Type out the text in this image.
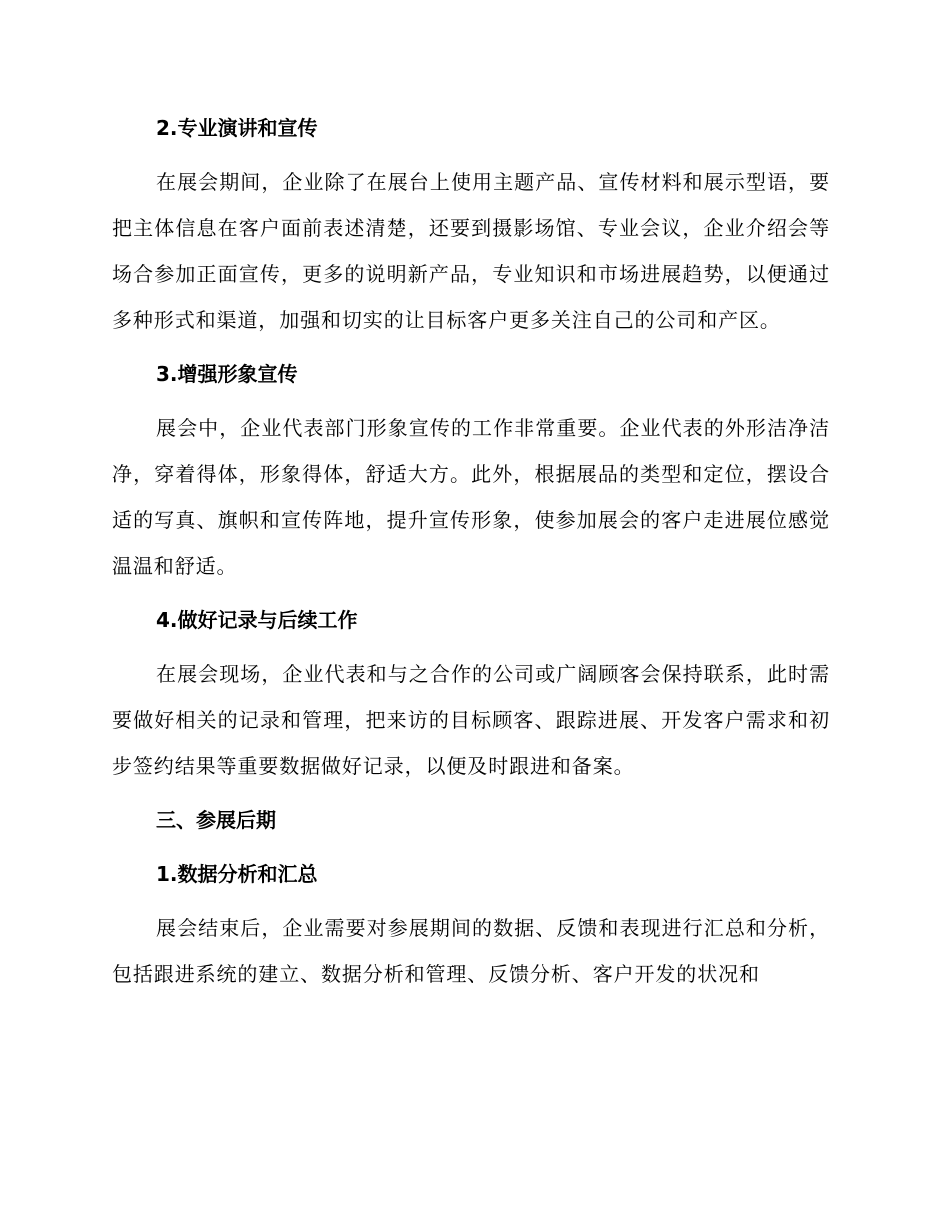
2.专业演讲和宣传

在展会期间，企业除了在展台上使用主题产品、宣传材料和展示型语，要把主体信息在客户面前表述清楚，还要到摄影场馆、专业会议，企业介绍会等场合参加正面宣传，更多的说明新产品，专业知识和市场进展趋势，以便通过多种形式和渠道，加强和切实的让目标客户更多关注自己的公司和产区。

3.增强形象宣传

展会中，企业代表部门形象宣传的工作非常重要。企业代表的外形洁净洁净，穿着得体，形象得体，舒适大方。此外，根据展品的类型和定位，摆设合适的写真、旗帜和宣传阵地，提升宣传形象，使参加展会的客户走进展位感觉温温和舒适。

4.做好记录与后续工作

在展会现场，企业代表和与之合作的公司或广阔顾客会保持联系，此时需要做好相关的记录和管理，把来访的目标顾客、跟踪进展、开发客户需求和初步签约结果等重要数据做好记录，以便及时跟进和备案。

三、参展后期
1.数据分析和汇总

展会结束后，企业需要对参展期间的数据、反馈和表现进行汇总和分析，包括跟进系统的建立、数据分析和管理、反馈分析、客户开发的状况和
